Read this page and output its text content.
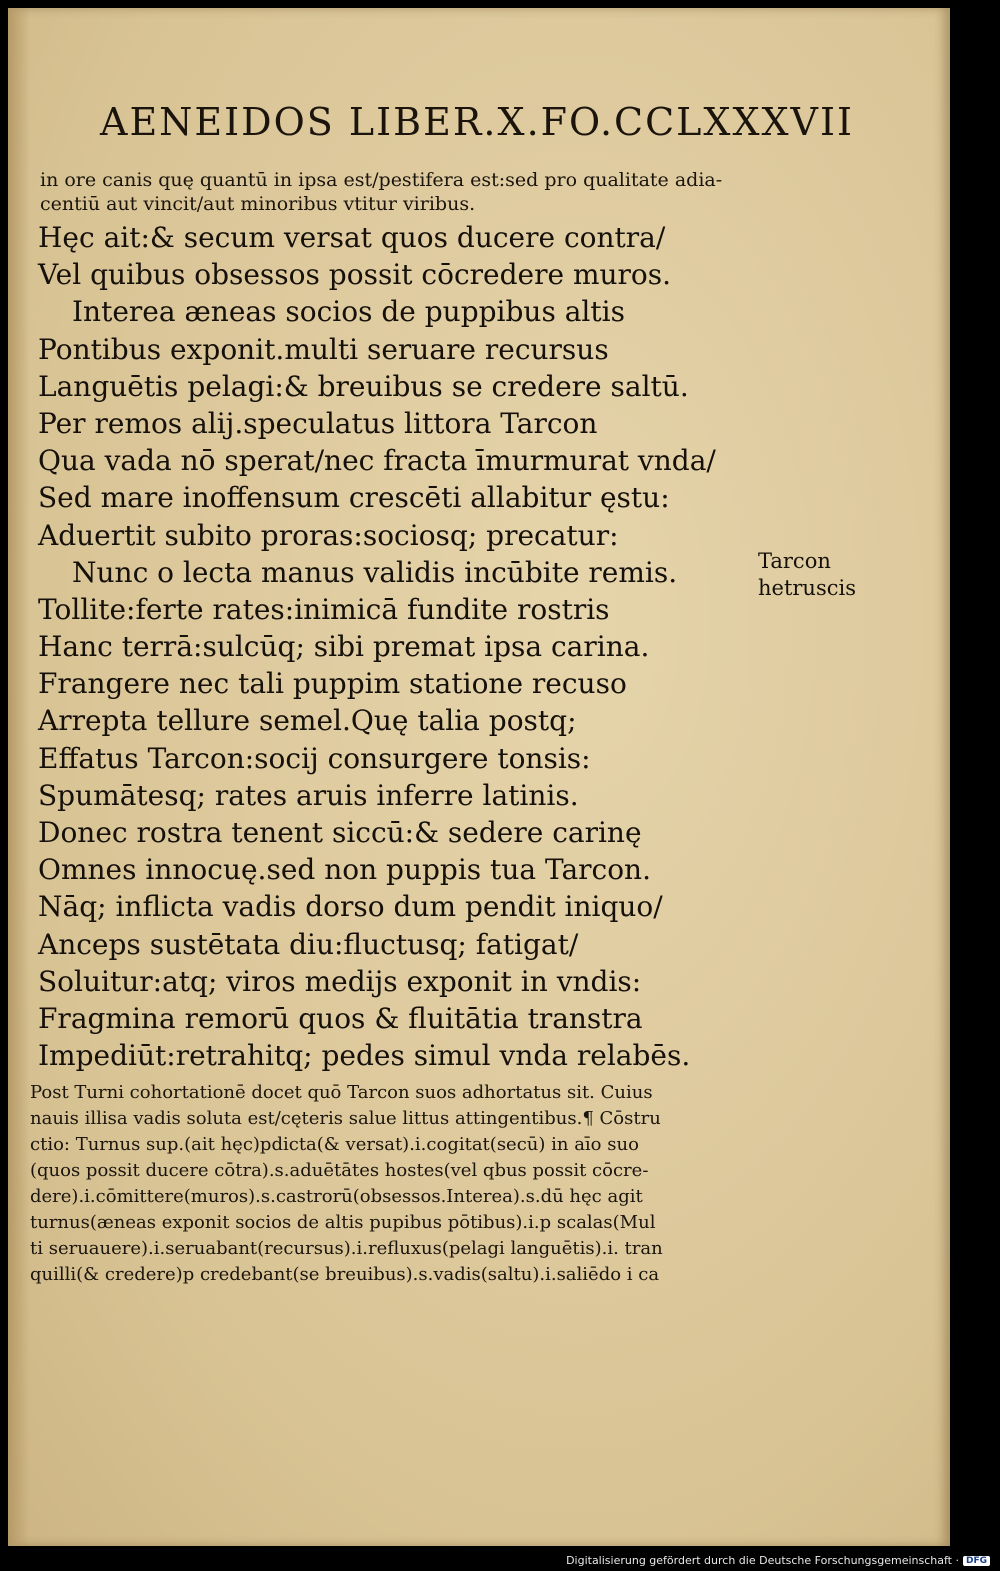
AENEIDOS LIBER.X.FO.CCLXXXVII
in ore canis quę quantū in ipsa est/pestifera est:sed pro qualitate adia-
centiū aut vincit/aut minoribus vtitur viribus.
Hęc ait:& secum versat quos ducere contra/
Vel quibus obsessos possit cōcredere muros.
Interea æneas socios de puppibus altis
Pontibus exponit.multi seruare recursus
Languētis pelagi:& breuibus se credere saltū.
Per remos alij.speculatus littora Tarcon
Qua vada nō sperat/nec fracta īmurmurat vnda/
Sed mare inoffensum crescēti allabitur ęstu:
Aduertit subito proras:sociosq; precatur:
Nunc o lecta manus validis incūbite remis.
Tollite:ferte rates:inimicā fundite rostris
Hanc terrā:sulcūq; sibi premat ipsa carina.
Frangere nec tali puppim statione recuso
Arrepta tellure semel.Quę talia postq;
Effatus Tarcon:socij consurgere tonsis:
Spumātesq; rates aruis inferre latinis.
Donec rostra tenent siccū:& sedere carinę
Omnes innocuę.sed non puppis tua Tarcon.
Nāq; inflicta vadis dorso dum pendit iniquo/
Anceps sustētata diu:fluctusq; fatigat/
Soluitur:atq; viros medijs exponit in vndis:
Fragmina remorū quos & fluitātia transtra
Impediūt:retrahitq; pedes simul vnda relabēs.
Tarcon
hetruscis
Post Turni cohortationē docet quō Tarcon suos adhortatus sit. Cuius
nauis illisa vadis soluta est/cęteris salue littus attingentibus.¶ Cōstru
ctio: Turnus sup.(ait hęc)pdicta(& versat).i.cogitat(secū) in aīo suo
(quos possit ducere cōtra).s.aduētātes hostes(vel qbus possit cōcre-
dere).i.cōmittere(muros).s.castrorū(obsessos.Interea).s.dū hęc agit
turnus(æneas exponit socios de altis pupibus pōtibus).i.p scalas(Mul
ti seruauere).i.seruabant(recursus).i.refluxus(pelagi languētis).i. tran
quilli(& credere)p credebant(se breuibus).s.vadis(saltu).i.saliēdo i ca
Digitalisierung gefördert durch die Deutsche Forschungsgemeinschaft · DFG
